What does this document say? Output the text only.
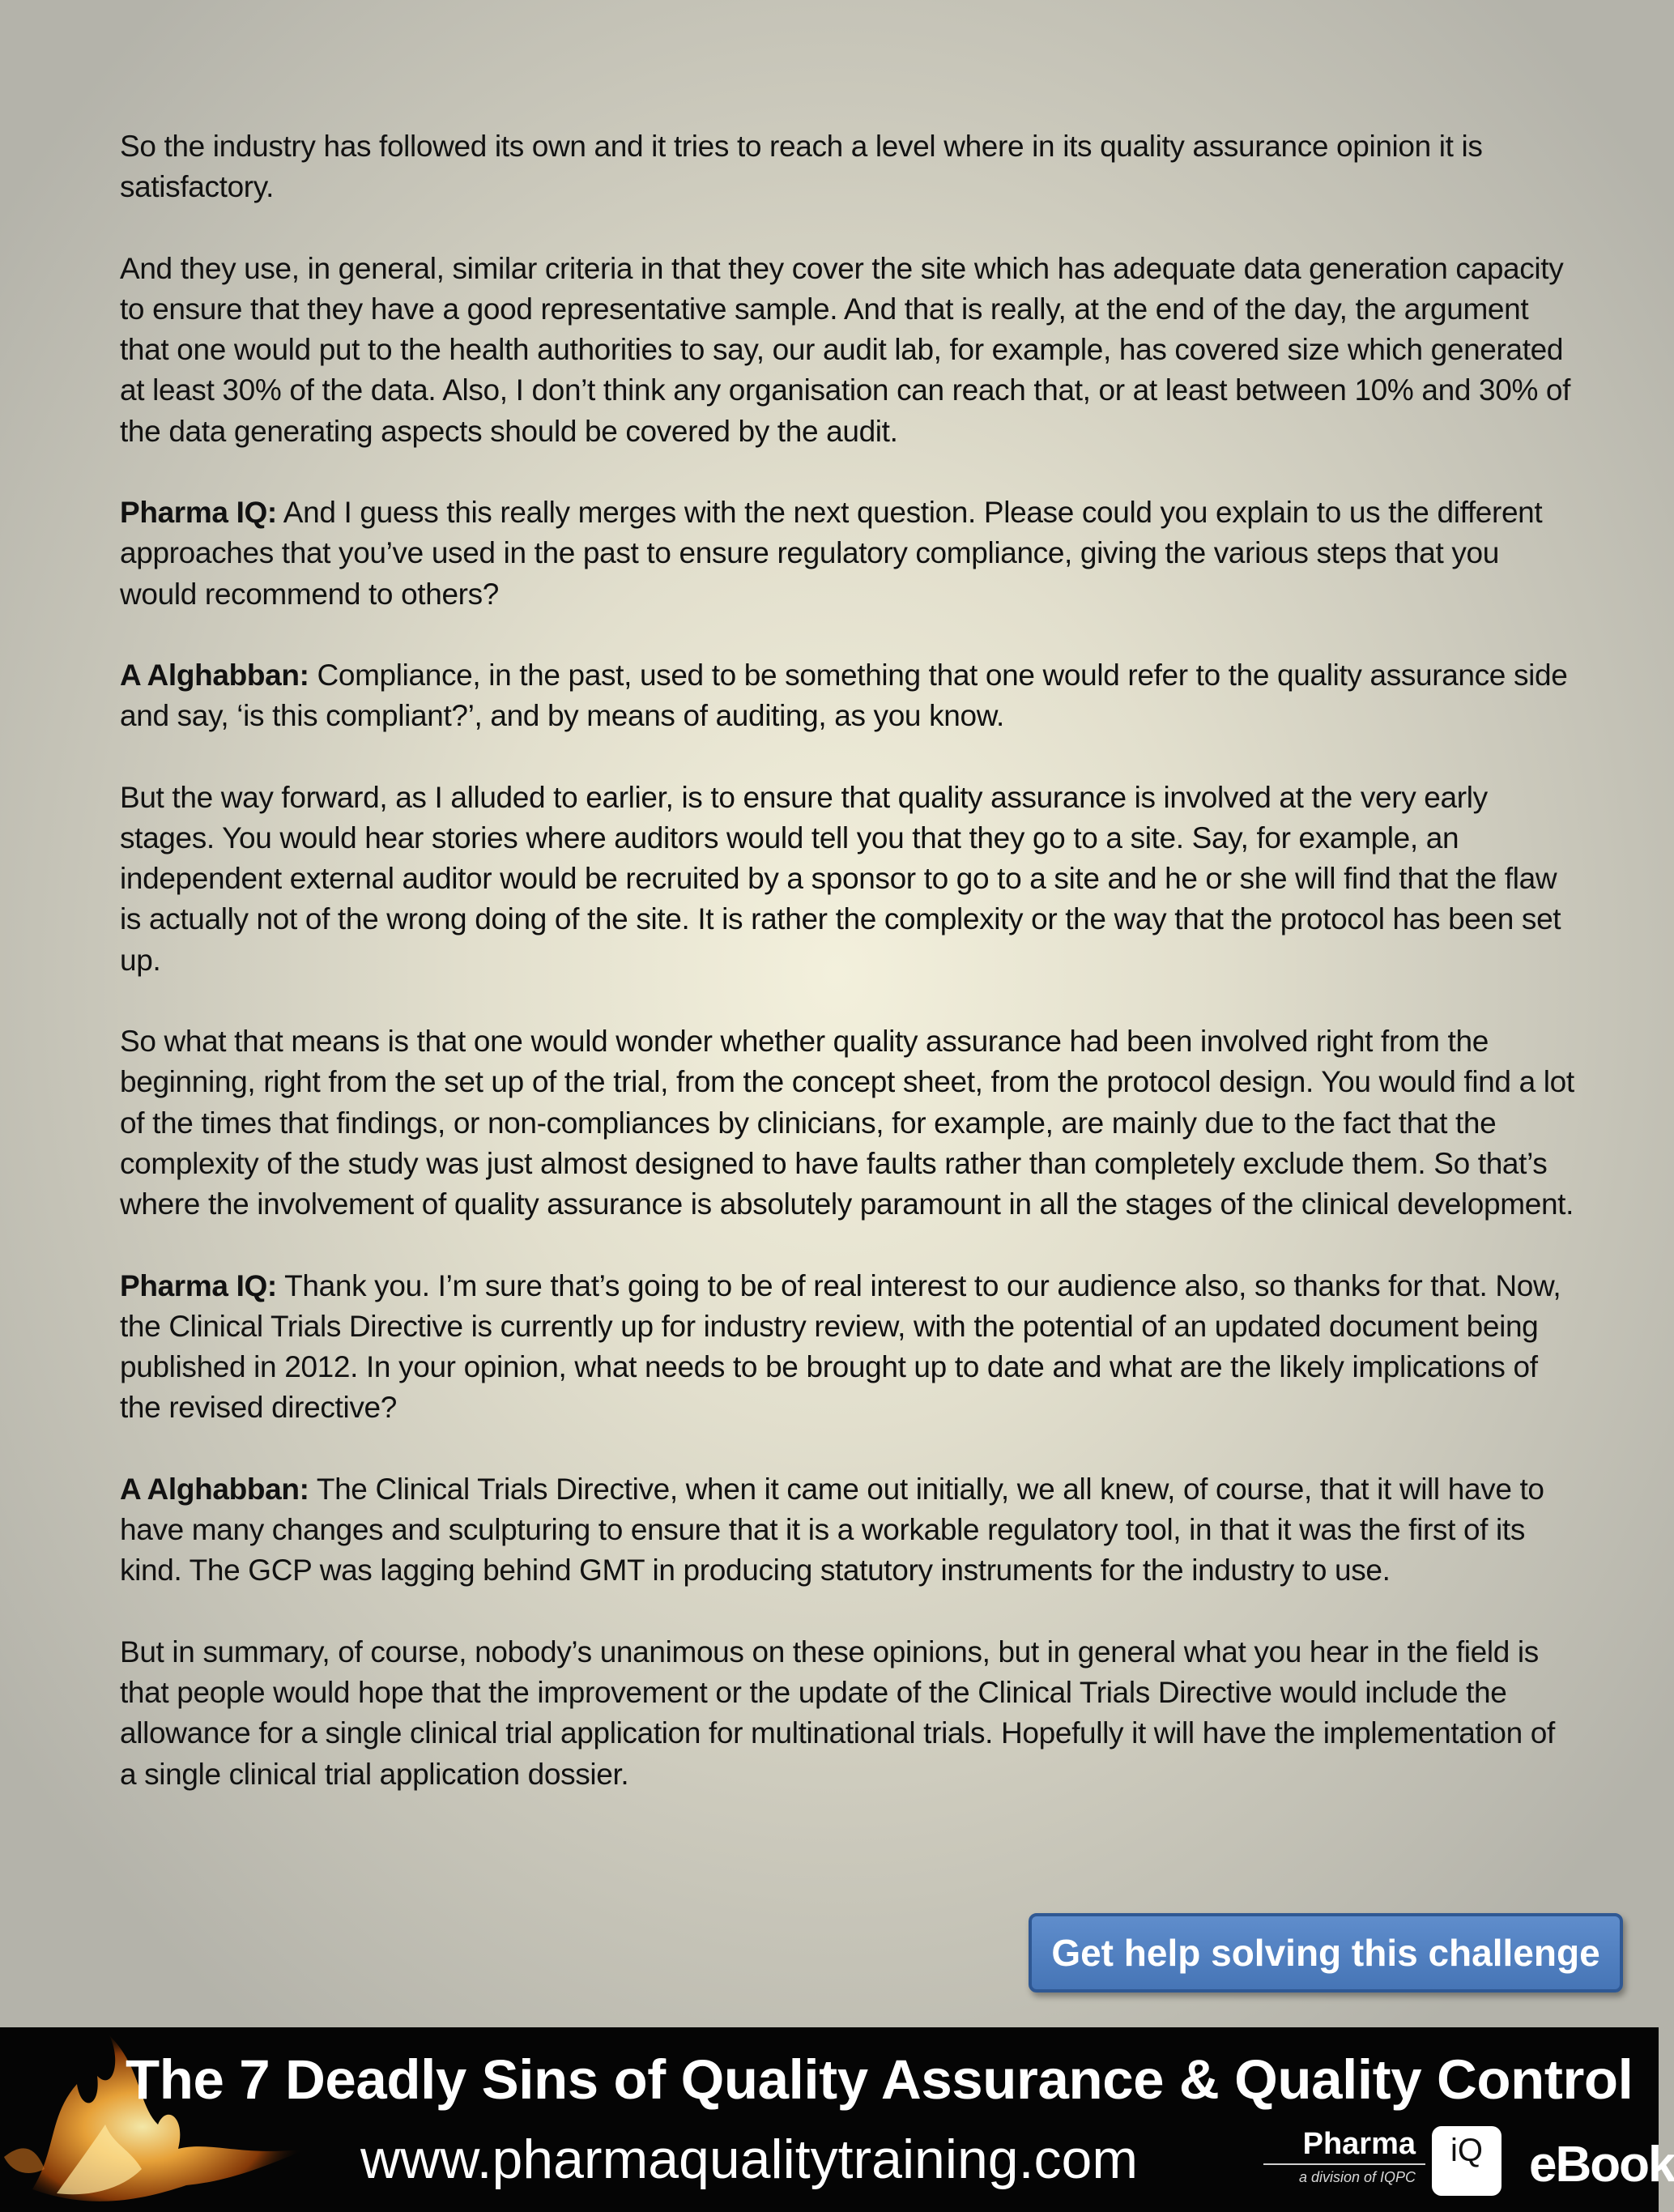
So the industry has followed its own and it tries to reach a level where in its quality assurance opinion it is satisfactory.

And they use, in general, similar criteria in that they cover the site which has adequate data generation capacity to ensure that they have a good representative sample. And that is really, at the end of the day, the argument that one would put to the health authorities to say, our audit lab, for example, has covered size which generated at least 30% of the data. Also, I don’t think any organisation can reach that, or at least between 10% and 30% of the data generating aspects should be covered by the audit.

Pharma IQ: And I guess this really merges with the next question. Please could you explain to us the different approaches that you’ve used in the past to ensure regulatory compliance, giving the various steps that you would recommend to others?

A Alghabban: Compliance, in the past, used to be something that one would refer to the quality assurance side and say, ‘is this compliant?’, and by means of auditing, as you know.

But the way forward, as I alluded to earlier, is to ensure that quality assurance is involved at the very early stages. You would hear stories where auditors would tell you that they go to a site. Say, for example, an independent external auditor would be recruited by a sponsor to go to a site and he or she will find that the flaw is actually not of the wrong doing of the site. It is rather the complexity or the way that the protocol has been set up.

So what that means is that one would wonder whether quality assurance had been involved right from the beginning, right from the set up of the trial, from the concept sheet, from the protocol design. You would find a lot of the times that findings, or non-compliances by clinicians, for example, are mainly due to the fact that the complexity of the study was just almost designed to have faults rather than completely exclude them. So that’s where the involvement of quality assurance is absolutely paramount in all the stages of the clinical development.

Pharma IQ: Thank you. I’m sure that’s going to be of real interest to our audience also, so thanks for that. Now, the Clinical Trials Directive is currently up for industry review, with the potential of an updated document being published in 2012. In your opinion, what needs to be brought up to date and what are the likely implications of the revised directive?

A Alghabban: The Clinical Trials Directive, when it came out initially, we all knew, of course, that it will have to have many changes and sculpturing to ensure that it is a workable regulatory tool, in that it was the first of its kind. The GCP was lagging behind GMT in producing statutory instruments for the industry to use.

But in summary, of course, nobody’s unanimous on these opinions, but in general what you hear in the field is that people would hope that the improvement or the update of the Clinical Trials Directive would include the allowance for a single clinical trial application for multinational trials. Hopefully it will have the implementation of a single clinical trial application dossier.

Get help solving this challenge
The 7 Deadly Sins of Quality Assurance & Quality Control
www.pharmaqualitytraining.com	Pharma
a division of IQPC
iQ eBook
